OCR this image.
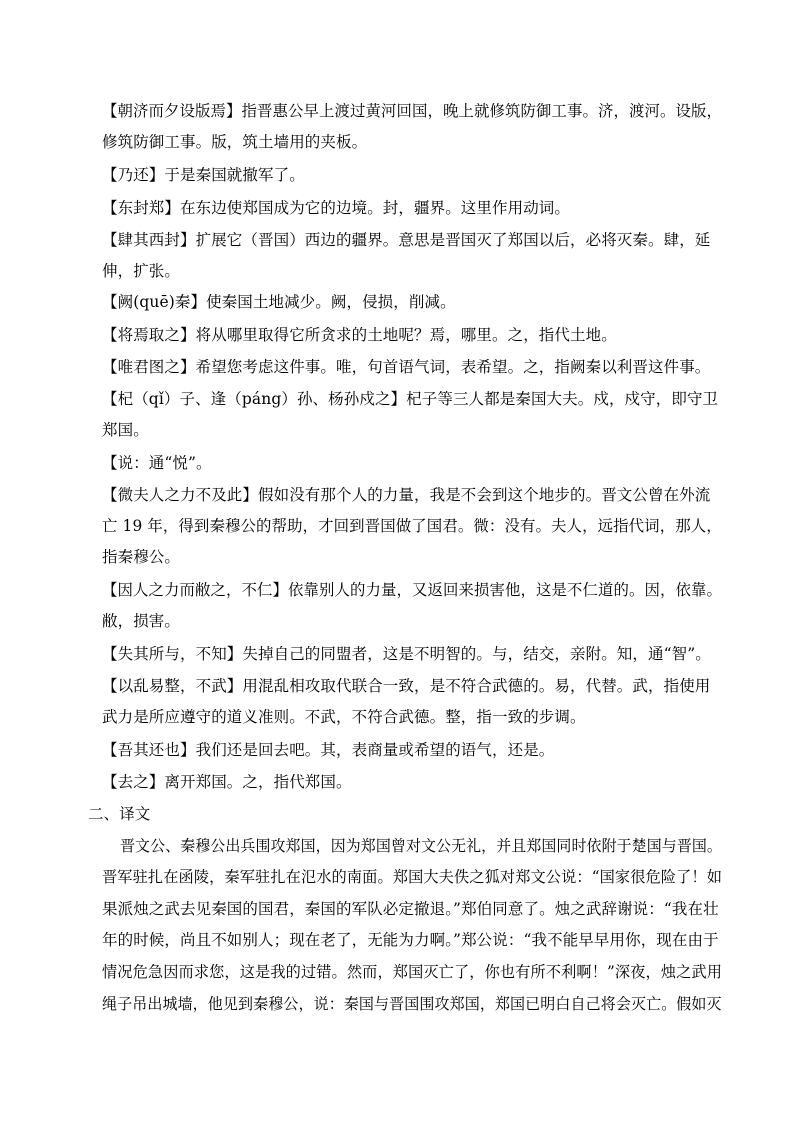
【朝济而夕设版焉】指晋惠公早上渡过黄河回国，晚上就修筑防御工事。济，渡河。设版，
修筑防御工事。版，筑土墙用的夹板。
【乃还】于是秦国就撤军了。
【东封郑】在东边使郑国成为它的边境。封，疆界。这里作用动词。
【肆其西封】扩展它（晋国）西边的疆界。意思是晋国灭了郑国以后，必将灭秦。肆，延
伸，扩张。
【阙(quē)秦】使秦国土地减少。阙，侵损，削减。
【将焉取之】将从哪里取得它所贪求的土地呢？焉，哪里。之，指代土地。
【唯君图之】希望您考虑这件事。唯，句首语气词，表希望。之，指阙秦以利晋这件事。
【杞（qǐ）子、逢（páng）孙、杨孙戍之】杞子等三人都是秦国大夫。戍，戍守，即守卫
郑国。
【说：通“悦”。
【微夫人之力不及此】假如没有那个人的力量，我是不会到这个地步的。晋文公曾在外流
亡 19 年，得到秦穆公的帮助，才回到晋国做了国君。微：没有。夫人，远指代词，那人，
指秦穆公。
【因人之力而敝之，不仁】依靠别人的力量，又返回来损害他，这是不仁道的。因，依靠。
敝，损害。
【失其所与，不知】失掉自己的同盟者，这是不明智的。与，结交，亲附。知，通“智”。
【以乱易整，不武】用混乱相攻取代联合一致，是不符合武德的。易，代替。武，指使用
武力是所应遵守的道义准则。不武，不符合武德。整，指一致的步调。
【吾其还也】我们还是回去吧。其，表商量或希望的语气，还是。
【去之】离开郑国。之，指代郑国。
二、译文
晋文公、秦穆公出兵围攻郑国，因为郑国曾对文公无礼，并且郑国同时依附于楚国与晋国。
晋军驻扎在函陵，秦军驻扎在氾水的南面。郑国大夫佚之狐对郑文公说：“国家很危险了！如
果派烛之武去见秦国的国君，秦国的军队必定撤退。”郑伯同意了。烛之武辞谢说：“我在壮
年的时候，尚且不如别人；现在老了，无能为力啊。”郑公说：“我不能早早用你，现在由于
情况危急因而求您，这是我的过错。然而，郑国灭亡了，你也有所不利啊！”深夜，烛之武用
绳子吊出城墙，他见到秦穆公，说：秦国与晋国围攻郑国，郑国已明白自己将会灭亡。假如灭
